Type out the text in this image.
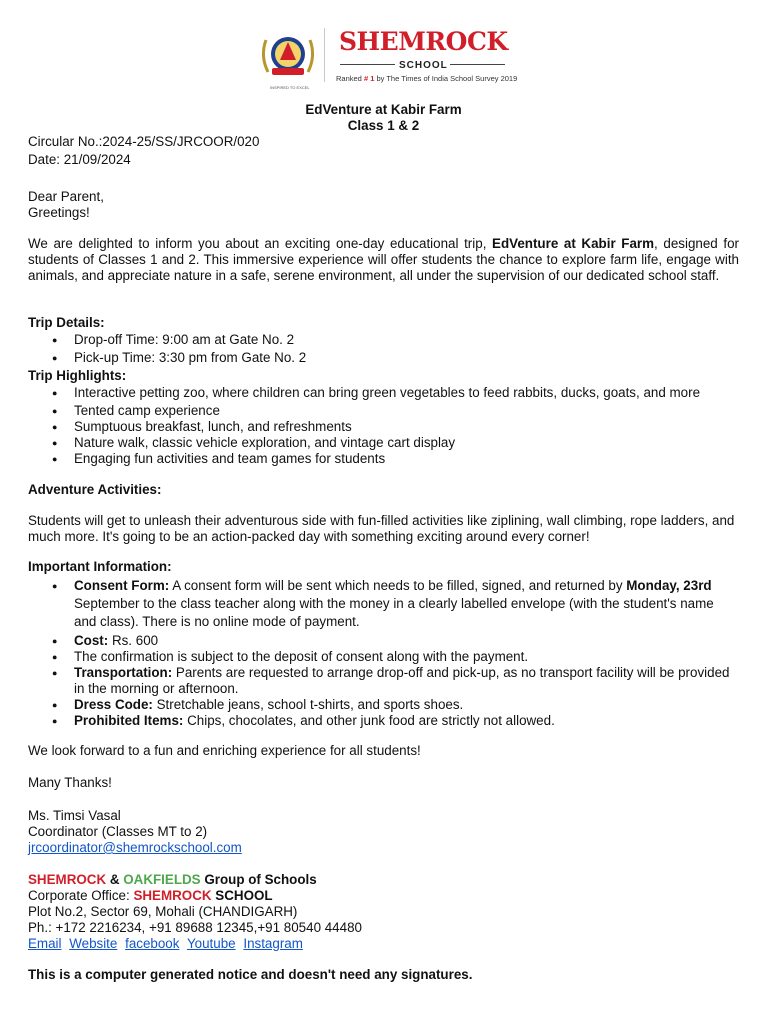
SHEMROCK
SCHOOL
Ranked # 1 by The Times of India School Survey 2019
INSPIRED TO EXCEL
EdVenture at Kabir Farm
Class 1 & 2
Circular No.:2024-25/SS/JRCOOR/020
Date: 21/09/2024
Dear Parent,
Greetings!
We are delighted to inform you about an exciting one-day educational trip, EdVenture at Kabir Farm, designed for students of Classes 1 and 2. This immersive experience will offer students the chance to explore farm life, engage with animals, and appreciate nature in a safe, serene environment, all under the supervision of our dedicated school staff.
Trip Details:
● Drop-off Time: 9:00 am at Gate No. 2
● Pick-up Time: 3:30 pm from Gate No. 2
Trip Highlights:
● Interactive petting zoo, where children can bring green vegetables to feed rabbits, ducks, goats, and more
● Tented camp experience
● Sumptuous breakfast, lunch, and refreshments
● Nature walk, classic vehicle exploration, and vintage cart display
● Engaging fun activities and team games for students
Adventure Activities:
Students will get to unleash their adventurous side with fun-filled activities like ziplining, wall climbing, rope ladders, and much more. It's going to be an action-packed day with something exciting around every corner!
Important Information:
● Consent Form: A consent form will be sent which needs to be filled, signed, and returned by Monday, 23rd September to the class teacher along with the money in a clearly labelled envelope (with the student's name and class). There is no online mode of payment.
● Cost: Rs. 600
● The confirmation is subject to the deposit of consent along with the payment.
● Transportation: Parents are requested to arrange drop-off and pick-up, as no transport facility will be provided in the morning or afternoon.
● Dress Code: Stretchable jeans, school t-shirts, and sports shoes.
● Prohibited Items: Chips, chocolates, and other junk food are strictly not allowed.
We look forward to a fun and enriching experience for all students!
Many Thanks!
Ms. Timsi Vasal
Coordinator (Classes MT to 2)
jrcoordinator@shemrockschool.com
SHEMROCK & OAKFIELDS Group of Schools
Corporate Office: SHEMROCK SCHOOL
Plot No.2, Sector 69, Mohali (CHANDIGARH)
Ph.: +172 2216234, +91 89688 12345,+91 80540 44480
Email Website facebook Youtube Instagram
This is a computer generated notice and doesn't need any signatures.
